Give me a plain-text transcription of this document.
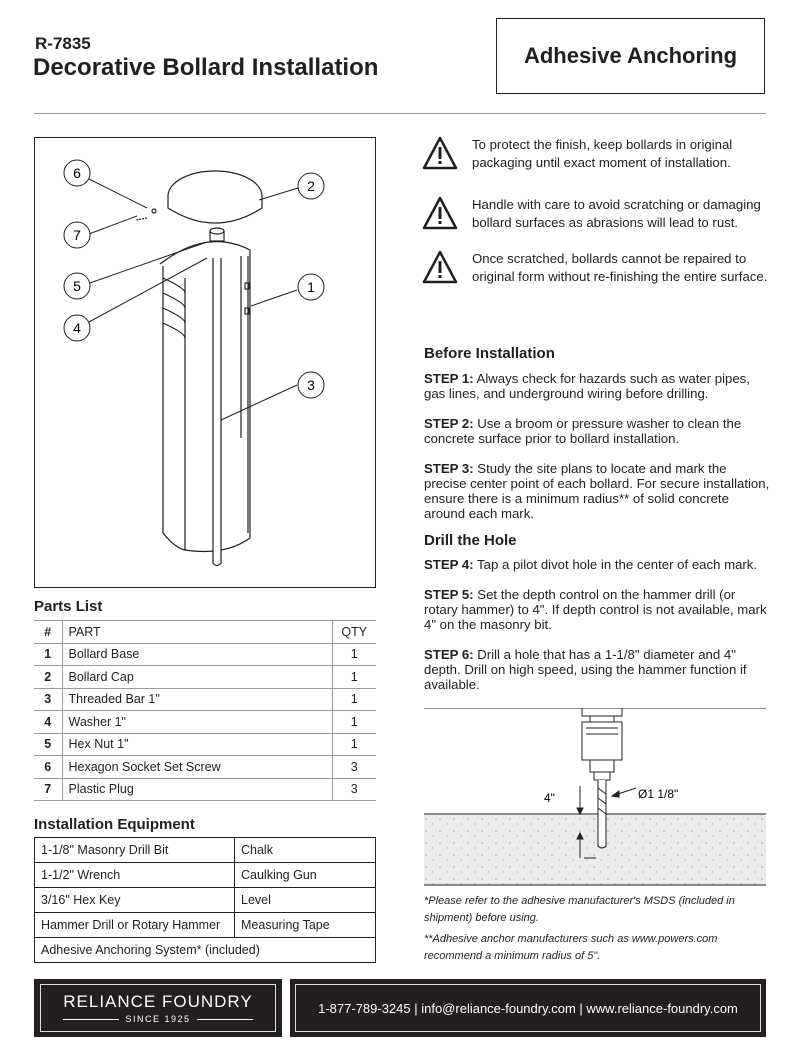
R-7835
Decorative Bollard Installation	Adhesive Anchoring
6
2
7
5	1
4
3
Parts List
#	PART	QTY
1	Bollard Base	1
2	Bollard Cap	1
3	Threaded Bar 1"	1
4	Washer 1"	1
5	Hex Nut 1"	1
6	Hexagon Socket Set Screw	3
7	Plastic Plug	3
Installation Equipment
1-1/8" Masonry Drill Bit	Chalk
1-1/2" Wrench	Caulking Gun
3/16" Hex Key	Level
Hammer Drill or Rotary Hammer	Measuring Tape
Adhesive Anchoring System* (included)	

To protect the finish, keep bollards in original packaging until exact moment of installation.

Handle with care to avoid scratching or damaging bollard surfaces as abrasions will lead to rust.

Once scratched, bollards cannot be repaired to original form without re-finishing the entire surface.

Before Installation

STEP 1: Always check for hazards such as water pipes, gas lines, and underground wiring before drilling.

STEP 2: Use a broom or pressure washer to clean the concrete surface prior to bollard installation.

STEP 3: Study the site plans to locate and mark the precise center point of each bollard. For secure installation, ensure there is a minimum radius** of solid concrete around each mark.

Drill the Hole

STEP 4: Tap a pilot divot hole in the center of each mark.

STEP 5: Set the depth control on the hammer drill (or rotary hammer) to 4". If depth control is not available, mark 4" on the masonry bit.

STEP 6: Drill a hole that has a 1-1/8" diameter and 4" depth. Drill on high speed, using the hammer function if available.

4"	Ø1 1/8"
*Please refer to the adhesive manufacturer's MSDS (included in shipment) before using.
**Adhesive anchor manufacturers such as www.powers.com recommend a minimum radius of 5".
RELIANCE FOUNDRY
SINCE 1925
1-877-789-3245 | info@reliance-foundry.com | www.reliance-foundry.com
